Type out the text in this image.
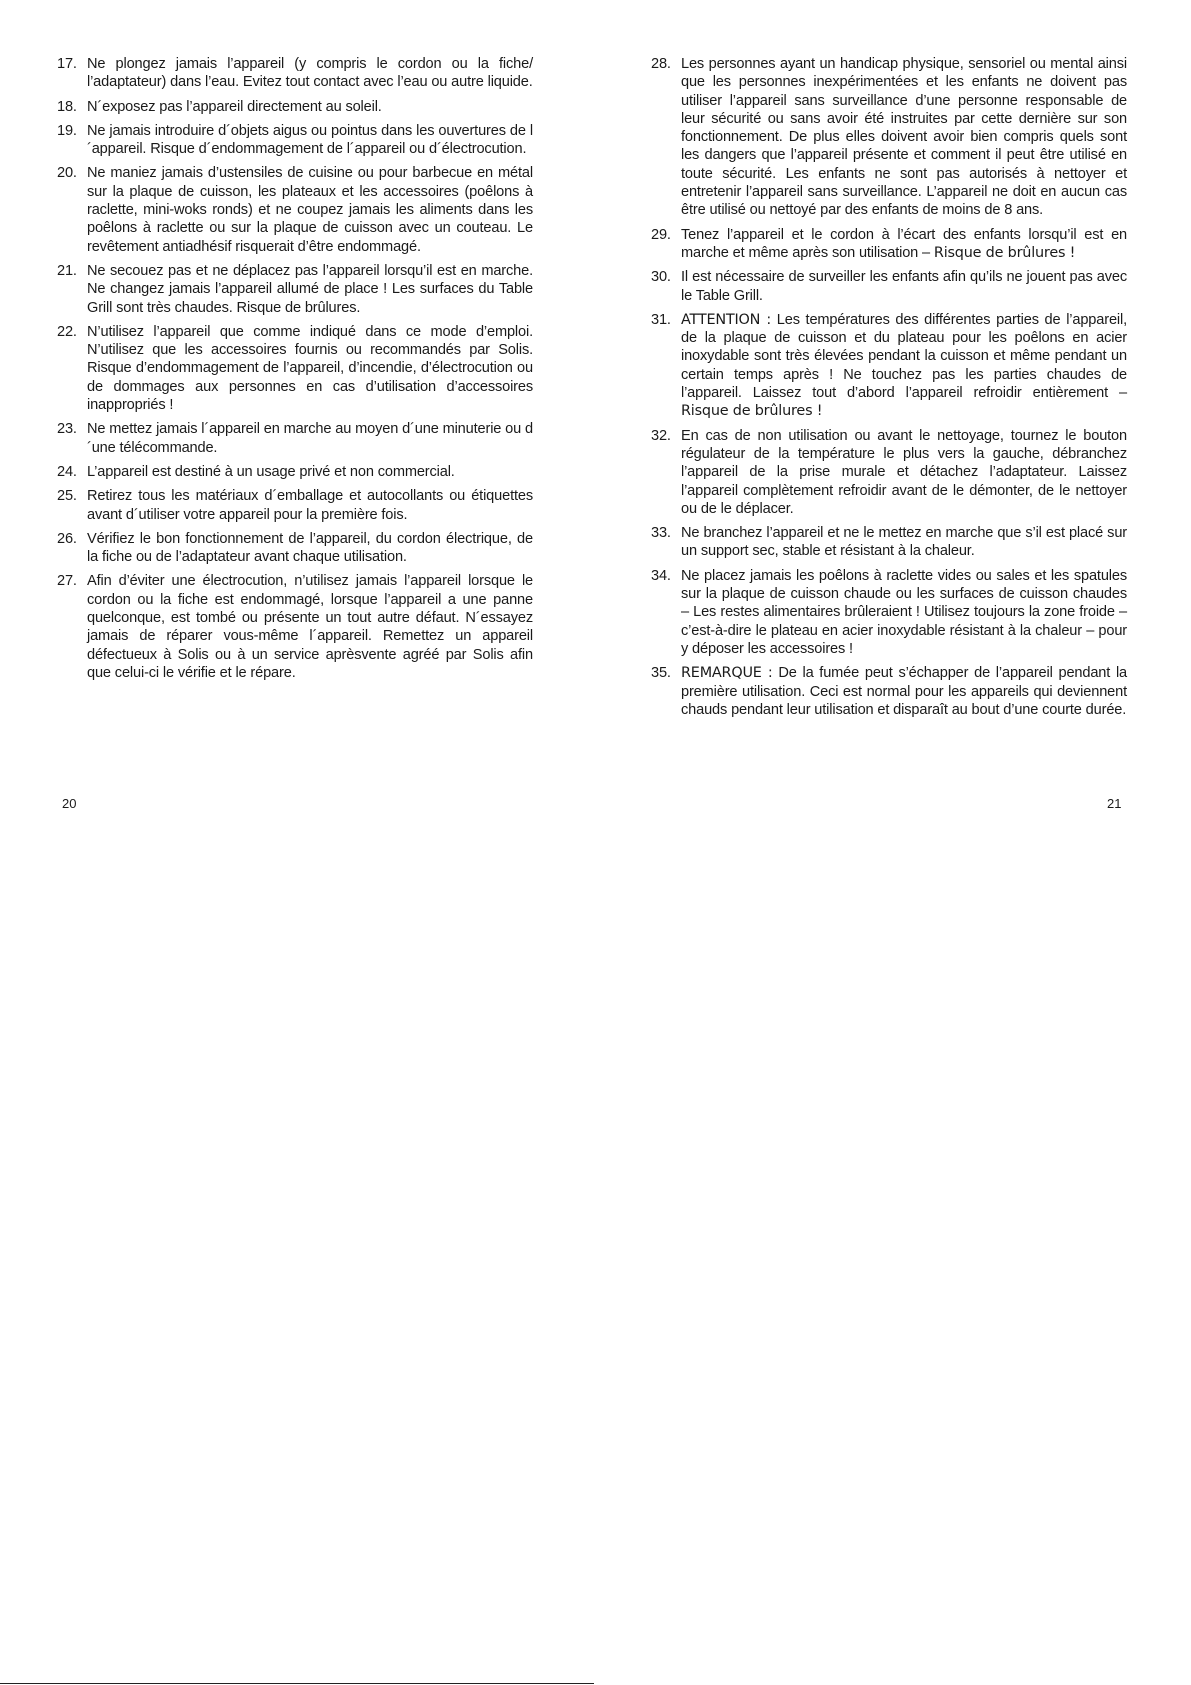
17. Ne plongez jamais l’appareil (y compris le cordon ou la fiche/ l’adaptateur) dans l’eau. Evitez tout contact avec l’eau ou autre liquide.
18. N´exposez pas l’appareil directement au soleil.
19. Ne jamais introduire d´objets aigus ou pointus dans les ouvertures de l´appareil. Risque d´endommagement de l´appareil ou d´électrocution.
20. Ne maniez jamais d’ustensiles de cuisine ou pour barbecue en métal sur la plaque de cuisson, les plateaux et les accessoires (poêlons à raclette, mini-woks ronds) et ne coupez jamais les aliments dans les poêlons à raclette ou sur la plaque de cuisson avec un couteau. Le revêtement antiadhésif risquerait d’être endommagé.
21. Ne secouez pas et ne déplacez pas l’appareil lorsqu’il est en marche. Ne changez jamais l’appareil allumé de place ! Les surfaces du Table Grill sont très chaudes. Risque de brûlures.
22. N’utilisez l’appareil que comme indiqué dans ce mode d’emploi. N’utilisez que les accessoires fournis ou recommandés par Solis. Risque d’endommagement de l’appareil, d’incendie, d’électrocution ou de dommages aux personnes en cas d’utilisation d’accessoires inappropriés !
23. Ne mettez jamais l´appareil en marche au moyen d´une minuterie ou d´une télécommande.
24. L’appareil est destiné à un usage privé et non commercial.
25. Retirez tous les matériaux d´emballage et autocollants ou étiquettes avant d´utiliser votre appareil pour la première fois.
26. Vérifiez le bon fonctionnement de l’appareil, du cordon électrique, de la fiche ou de l’adaptateur avant chaque utilisation.
27. Afin d’éviter une électrocution, n’utilisez jamais l’appareil lorsque le cordon ou la fiche est endommagé, lorsque l’appareil a une panne quelconque, est tombé ou présente un tout autre défaut. N´essayez jamais de réparer vous-même l´appareil. Remettez un appareil défectueux à Solis ou à un service aprèsvente agréé par Solis afin que celui-ci le vérifie et le répare.
28. Les personnes ayant un handicap physique, sensoriel ou mental ainsi que les personnes inexpérimentées et les enfants ne doivent pas utiliser l’appareil sans surveillance d’une personne responsable de leur sécurité ou sans avoir été instruites par cette dernière sur son fonctionnement. De plus elles doivent avoir bien compris quels sont les dangers que l’appareil présente et comment il peut être utilisé en toute sécurité. Les enfants ne sont pas autorisés à nettoyer et entretenir l’appareil sans surveillance. L’appareil ne doit en aucun cas être utilisé ou nettoyé par des enfants de moins de 8 ans.
29. Tenez l’appareil et le cordon à l’écart des enfants lorsqu’il est en marche et même après son utilisation – Risque de brûlures !
30. Il est nécessaire de surveiller les enfants afin qu’ils ne jouent pas avec le Table Grill.
31. ATTENTION : Les températures des différentes parties de l’appareil, de la plaque de cuisson et du plateau pour les poêlons en acier inoxydable sont très élevées pendant la cuisson et même pendant un certain temps après ! Ne touchez pas les parties chaudes de l’appareil. Laissez tout d’abord l’appareil refroidir entièrement – Risque de brûlures !
32. En cas de non utilisation ou avant le nettoyage, tournez le bouton régulateur de la température le plus vers la gauche, débranchez l’appareil de la prise murale et détachez l’adaptateur. Laissez l’appareil complètement refroidir avant de le démonter, de le nettoyer ou de le déplacer.
33. Ne branchez l’appareil et ne le mettez en marche que s’il est placé sur un support sec, stable et résistant à la chaleur.
34. Ne placez jamais les poêlons à raclette vides ou sales et les spatules sur la plaque de cuisson chaude ou les surfaces de cuisson chaudes – Les restes alimentaires brûleraient ! Utilisez toujours la zone froide – c’est-à-dire le plateau en acier inoxydable résistant à la chaleur – pour y déposer les accessoires !
35. REMARQUE : De la fumée peut s’échapper de l’appareil pendant la première utilisation. Ceci est normal pour les appareils qui deviennent chauds pendant leur utilisation et disparaît au bout d’une courte durée.
20	21
